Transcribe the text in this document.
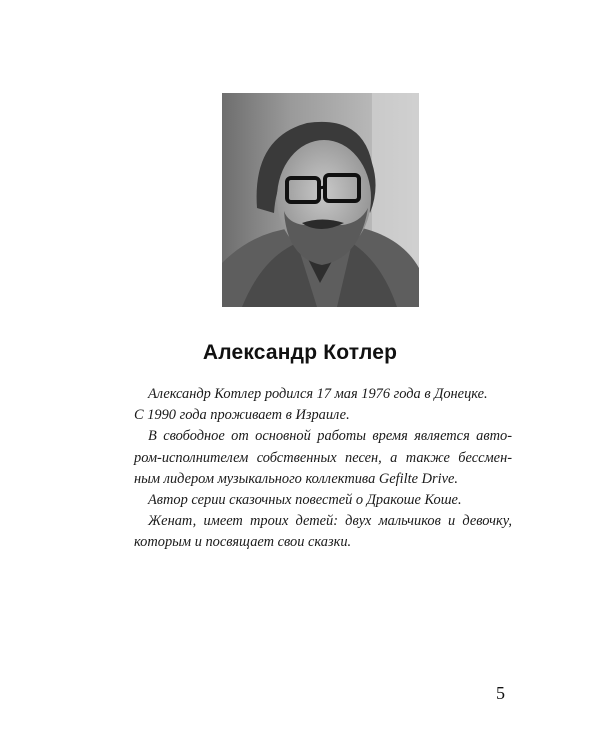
Александр Котлер
Александр Котлер родился 17 мая 1976 года в Донецке.
С 1990 года проживает в Израиле.
В свободное от основной работы время является авто-
ром-исполнителем собственных песен, а также бессмен-
ным лидером музыкального коллектива Gefilte Drive.
Автор серии сказочных повестей о Дракоше Коше.
Женат, имеет троих детей: двух мальчиков и девочку,
которым и посвящает свои сказки.
5
